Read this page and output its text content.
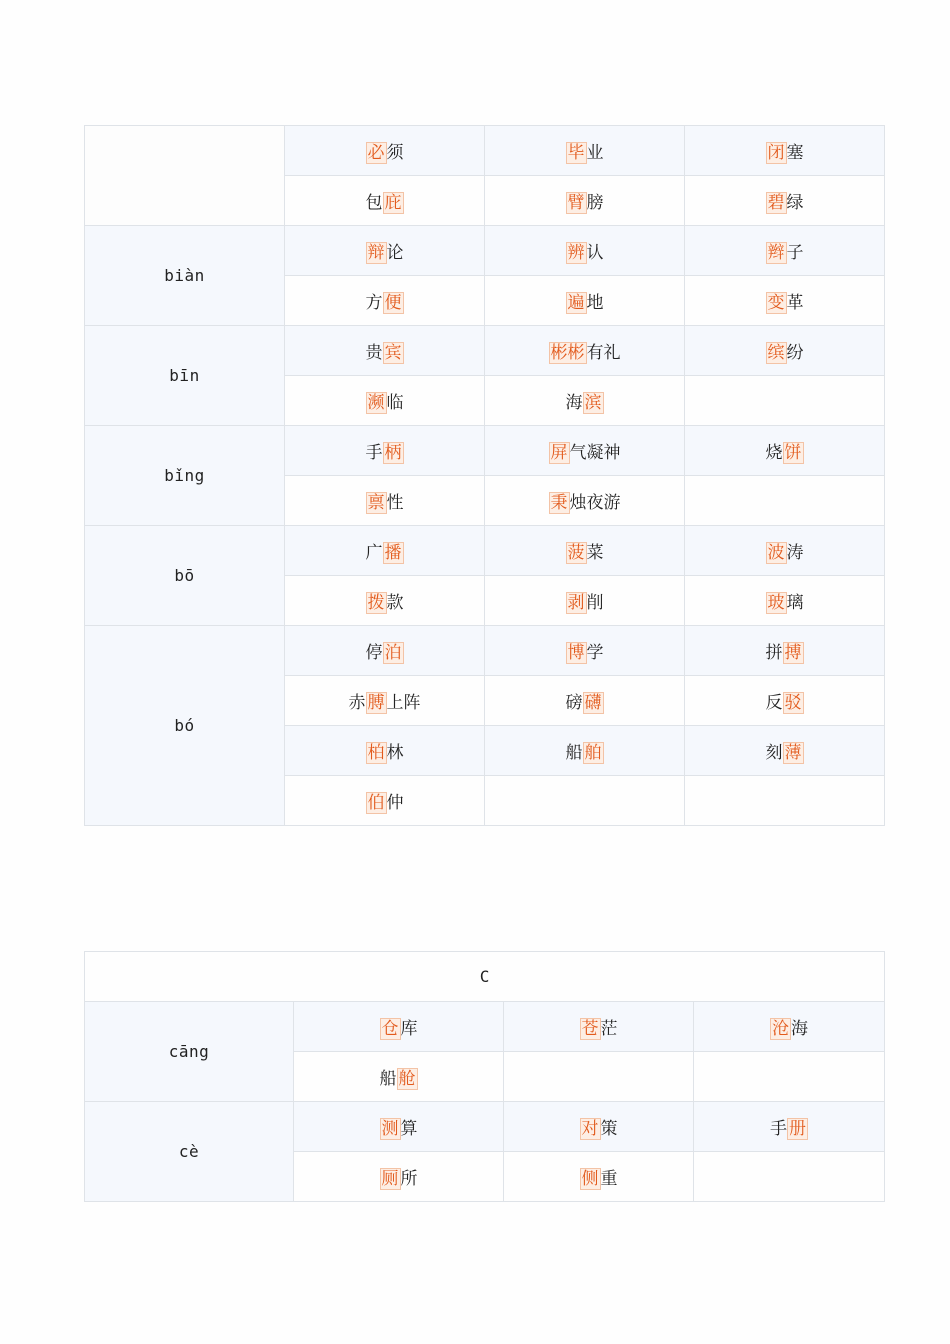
	必 须	毕 业	闭 塞
	包 庇	臂 膀	碧 绿
biàn	辩 论	辨 认	辫 子
	方 便	遍 地	变 革
bīn	贵 宾	彬彬 有礼	缤 纷
	濒 临	海 滨	
bǐng	手 柄	屏 气凝神	烧 饼
	禀 性	秉 烛夜游	
bō	广 播	菠 菜	波 涛
	拨 款	剥 削	玻 璃
bó	停 泊	博 学	拼 搏
	赤 膊 上阵	磅 礴	反 驳
	柏 林	船 舶	刻 薄
	伯 仲		
C			
cāng	仓 库	苍 茫	沧 海
	船 舱		
cè	测 算	对 策	手 册
	厕 所	侧 重	
